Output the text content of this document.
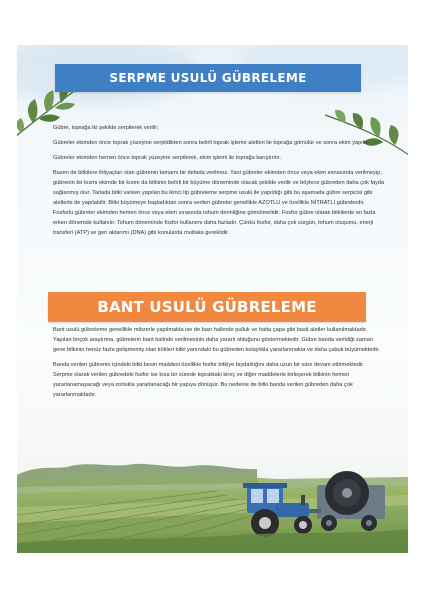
SERPME USULÜ GÜBRELEME

Gübre, toprağa iki şekilde serpilerek verilir;

Gübreler ekimden önce toprak yüzeyine serpildikten sonra belirli toprak işleme aletleri ile toprağa gömülür ve sonra ekim yapılır.

Gübreler ekimden hemen önce toprak yüzeyine serpilerek, ekim işlemi ile toprağa karıştırılır.

Bazen de bitkilere ihtiyaçları olan gübrenin tamamı bir defada verilmez. Yani gübreler ekimden önce veya ekim esnasında verilmeyip, gübrenin bir kısmı ekimde bir kısmı da bitkinin belirli bir büyüme döneminde olacak şekilde verilir ve böylece gübreden daha çok fayda sağlanmış olur. Tarlada bitki varken yapılan bu ikinci tip gübreleme serpme usulü ile yapıldığı gibi bu aşamada gübre serpicisi gibi aletlerle de yapılabilir. Bitki büyümeye başladıktan sonra verilen gübreler genellikle AZOTLU ve özellikle NİTRATLI gübrelerdir. Fosforlu gübreler ekimden hemen önce veya ekim sırasında tohum derinliğine gömülmelidir. Fosfor gübre olarak bitkilerde en fazla erken dönemde kullanılır. Tohum döneminde fosfor kullanımı daha fazladır. Çünkü fosfor, daha çok sürgün, tohum oluşumu, enerji transferi (ATP) ve gen aktarımı (DNA) gibi konularda mutlaka gereklidir.

BANT USULÜ GÜBRELEME

Bant usulü gübreleme genellikle mibzerle yapılmakta ise de bazı hallerde pulluk ve hatta çapa gibi basit aletler kullanılmaktadır. Yapılan birçok araştırma, gübrelerin bant halinde verilmesinin daha yararlı olduğunu göstermektedir. Gübre banda verildiği zaman gene bitkinin henüz fazla gelişmemiş olan kökleri bitki yanındaki bu gübreden kolaylıkla yararlanmakta ve daha çabuk büyümektedir.

Banda verilen gübrenin içindeki bitki besin maddesi özellikle fosfor bitkiye faydalılığını daha uzun bir süre devam ettirmektedir. Serpme olarak verilen gübredeki fosfor ise kısa bir sürede topraktaki kireç ve diğer maddelerle birleşerek bitkinin hemen yararlanamayacağı veya zorlukla yararlanacağı bir yapıya dönüşür. Bu nedenle de bitki banda verilen gübreden daha çok yararlanmaktadır.
